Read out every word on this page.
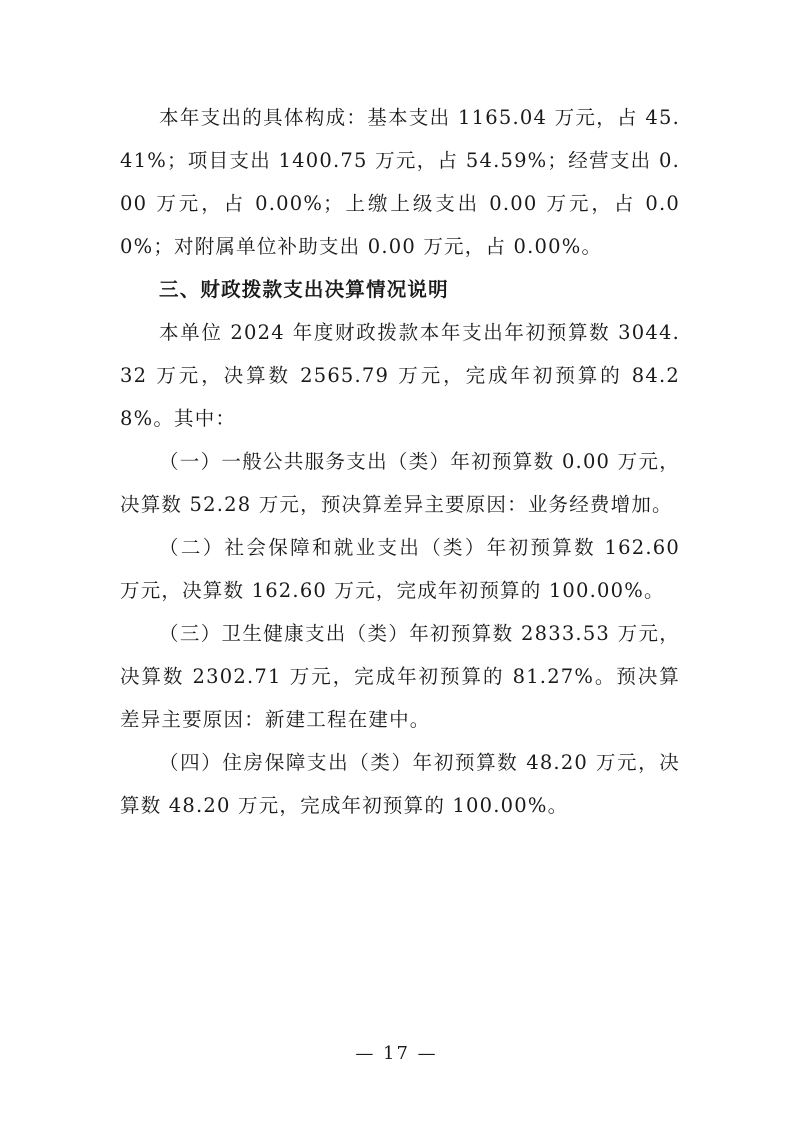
本年支出的具体构成：基本支出 1165.04 万元，占 45.41%；项目支出 1400.75 万元，占 54.59%；经营支出 0.00 万元，占 0.00%；上缴上级支出 0.00 万元，占 0.00%；对附属单位补助支出 0.00 万元，占 0.00%。

三、财政拨款支出决算情况说明

本单位 2024 年度财政拨款本年支出年初预算数 3044.32 万元，决算数 2565.79 万元，完成年初预算的 84.28%。其中：

（一）一般公共服务支出（类）年初预算数 0.00 万元，决算数 52.28 万元，预决算差异主要原因：业务经费增加。

（二）社会保障和就业支出（类）年初预算数 162.60 万元，决算数 162.60 万元，完成年初预算的 100.00%。

（三）卫生健康支出（类）年初预算数 2833.53 万元，决算数 2302.71 万元，完成年初预算的 81.27%。预决算差异主要原因：新建工程在建中。

（四）住房保障支出（类）年初预算数 48.20 万元，决算数 48.20 万元，完成年初预算的 100.00%。

— 17 —
